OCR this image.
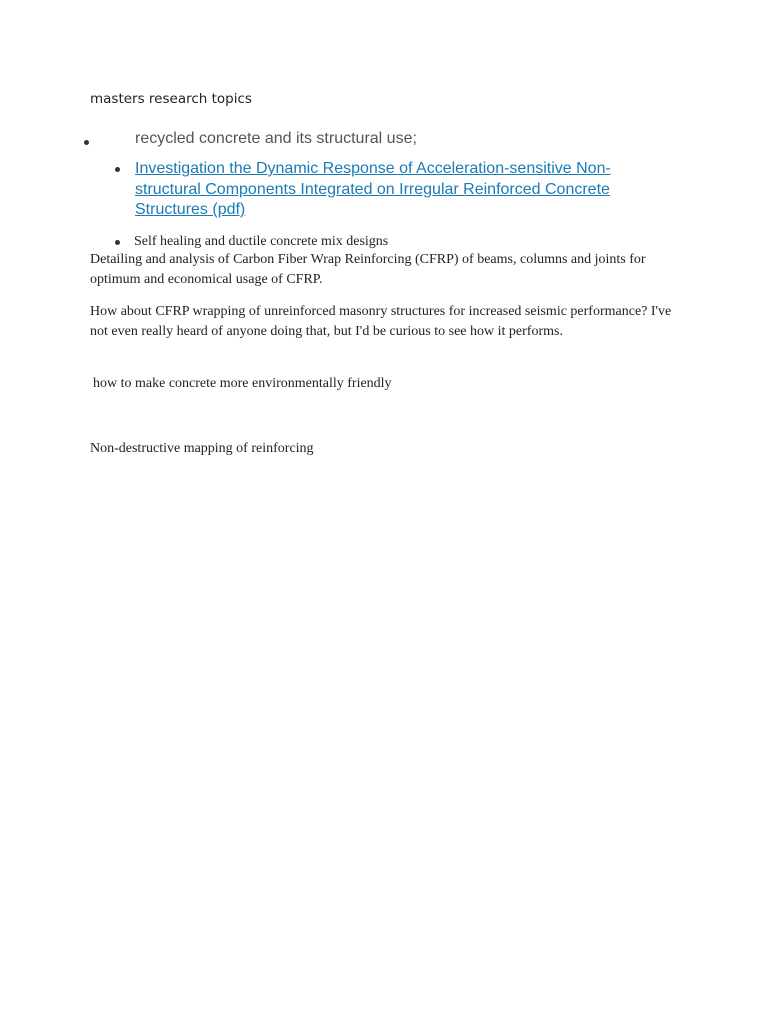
masters research topics
recycled concrete and its structural use;
Investigation the Dynamic Response of Acceleration-sensitive Non-structural Components Integrated on Irregular Reinforced Concrete Structures (pdf)
Self healing and ductile concrete mix designs

Detailing and analysis of Carbon Fiber Wrap Reinforcing (CFRP) of beams, columns and joints for optimum and economical usage of CFRP.

How about CFRP wrapping of unreinforced masonry structures for increased seismic performance? I've not even really heard of anyone doing that, but I'd be curious to see how it performs.

how to make concrete more environmentally friendly

Non-destructive mapping of reinforcing
